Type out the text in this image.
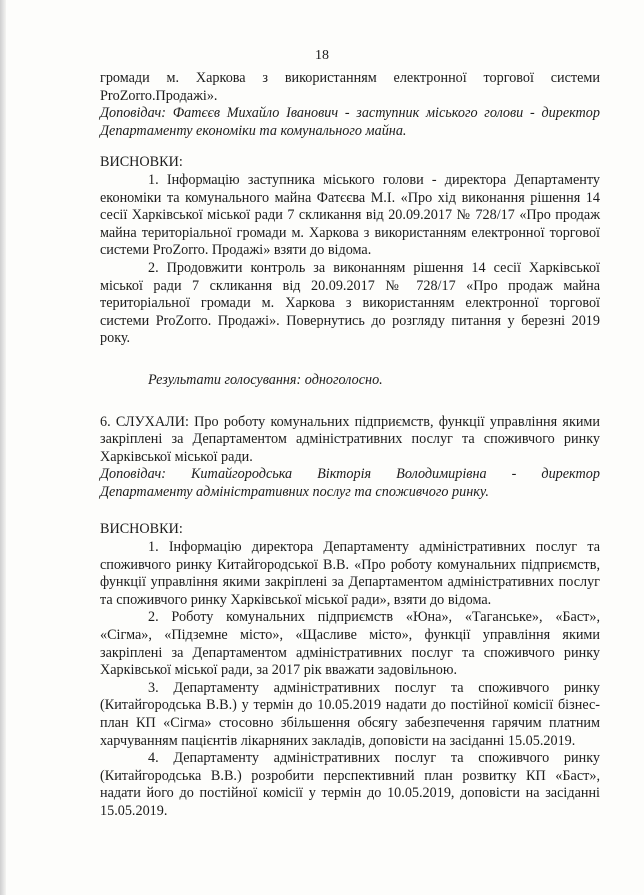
18

громади м. Харкова з використанням електронної торгової системи

ProZorro.Продажі».

Доповідач: Фатєєв Михайло Іванович - заступник міського голови - директор Департаменту економіки та комунального майна.

ВИСНОВКИ:

1. Інформацію заступника міського голови - директора Департаменту економіки та комунального майна Фатєєва М.І. «Про хід виконання рішення 14 сесії Харківської міської ради 7 скликання від 20.09.2017 № 728/17 «Про продаж майна територіальної громади м. Харкова з використанням електронної торгової системи ProZorro. Продажі» взяти до відома.

2. Продовжити контроль за виконанням рішення 14 сесії Харківської міської ради 7 скликання від 20.09.2017 № 728/17 «Про продаж майна територіальної громади м. Харкова з використанням електронної торгової системи ProZorro. Продажі». Повернутись до розгляду питання у березні 2019 року.

Результати голосування: одноголосно.

6. СЛУХАЛИ: Про роботу комунальних підприємств, функції управління якими закріплені за Департаментом адміністративних послуг та споживчого ринку Харківської міської ради.

Доповідач: Китайгородська Вікторія Володимирівна - директор

Департаменту адміністративних послуг та споживчого ринку.

ВИСНОВКИ:

1. Інформацію директора Департаменту адміністративних послуг та споживчого ринку Китайгородської В.В. «Про роботу комунальних підприємств, функції управління якими закріплені за Департаментом адміністративних послуг та споживчого ринку Харківської міської ради», взяти до відома.

2. Роботу комунальних підприємств «Юна», «Таганське», «Баст», «Сігма», «Підземне місто», «Щасливе місто», функції управління якими закріплені за Департаментом адміністративних послуг та споживчого ринку Харківської міської ради, за 2017 рік вважати задовільною.

3. Департаменту адміністративних послуг та споживчого ринку (Китайгородська В.В.) у термін до 10.05.2019 надати до постійної комісії бізнес-план КП «Сігма» стосовно збільшення обсягу забезпечення гарячим платним харчуванням пацієнтів лікарняних закладів, доповісти на засіданні 15.05.2019.

4. Департаменту адміністративних послуг та споживчого ринку (Китайгородська В.В.) розробити перспективний план розвитку КП «Баст», надати його до постійної комісії у термін до 10.05.2019, доповісти на засіданні 15.05.2019.
